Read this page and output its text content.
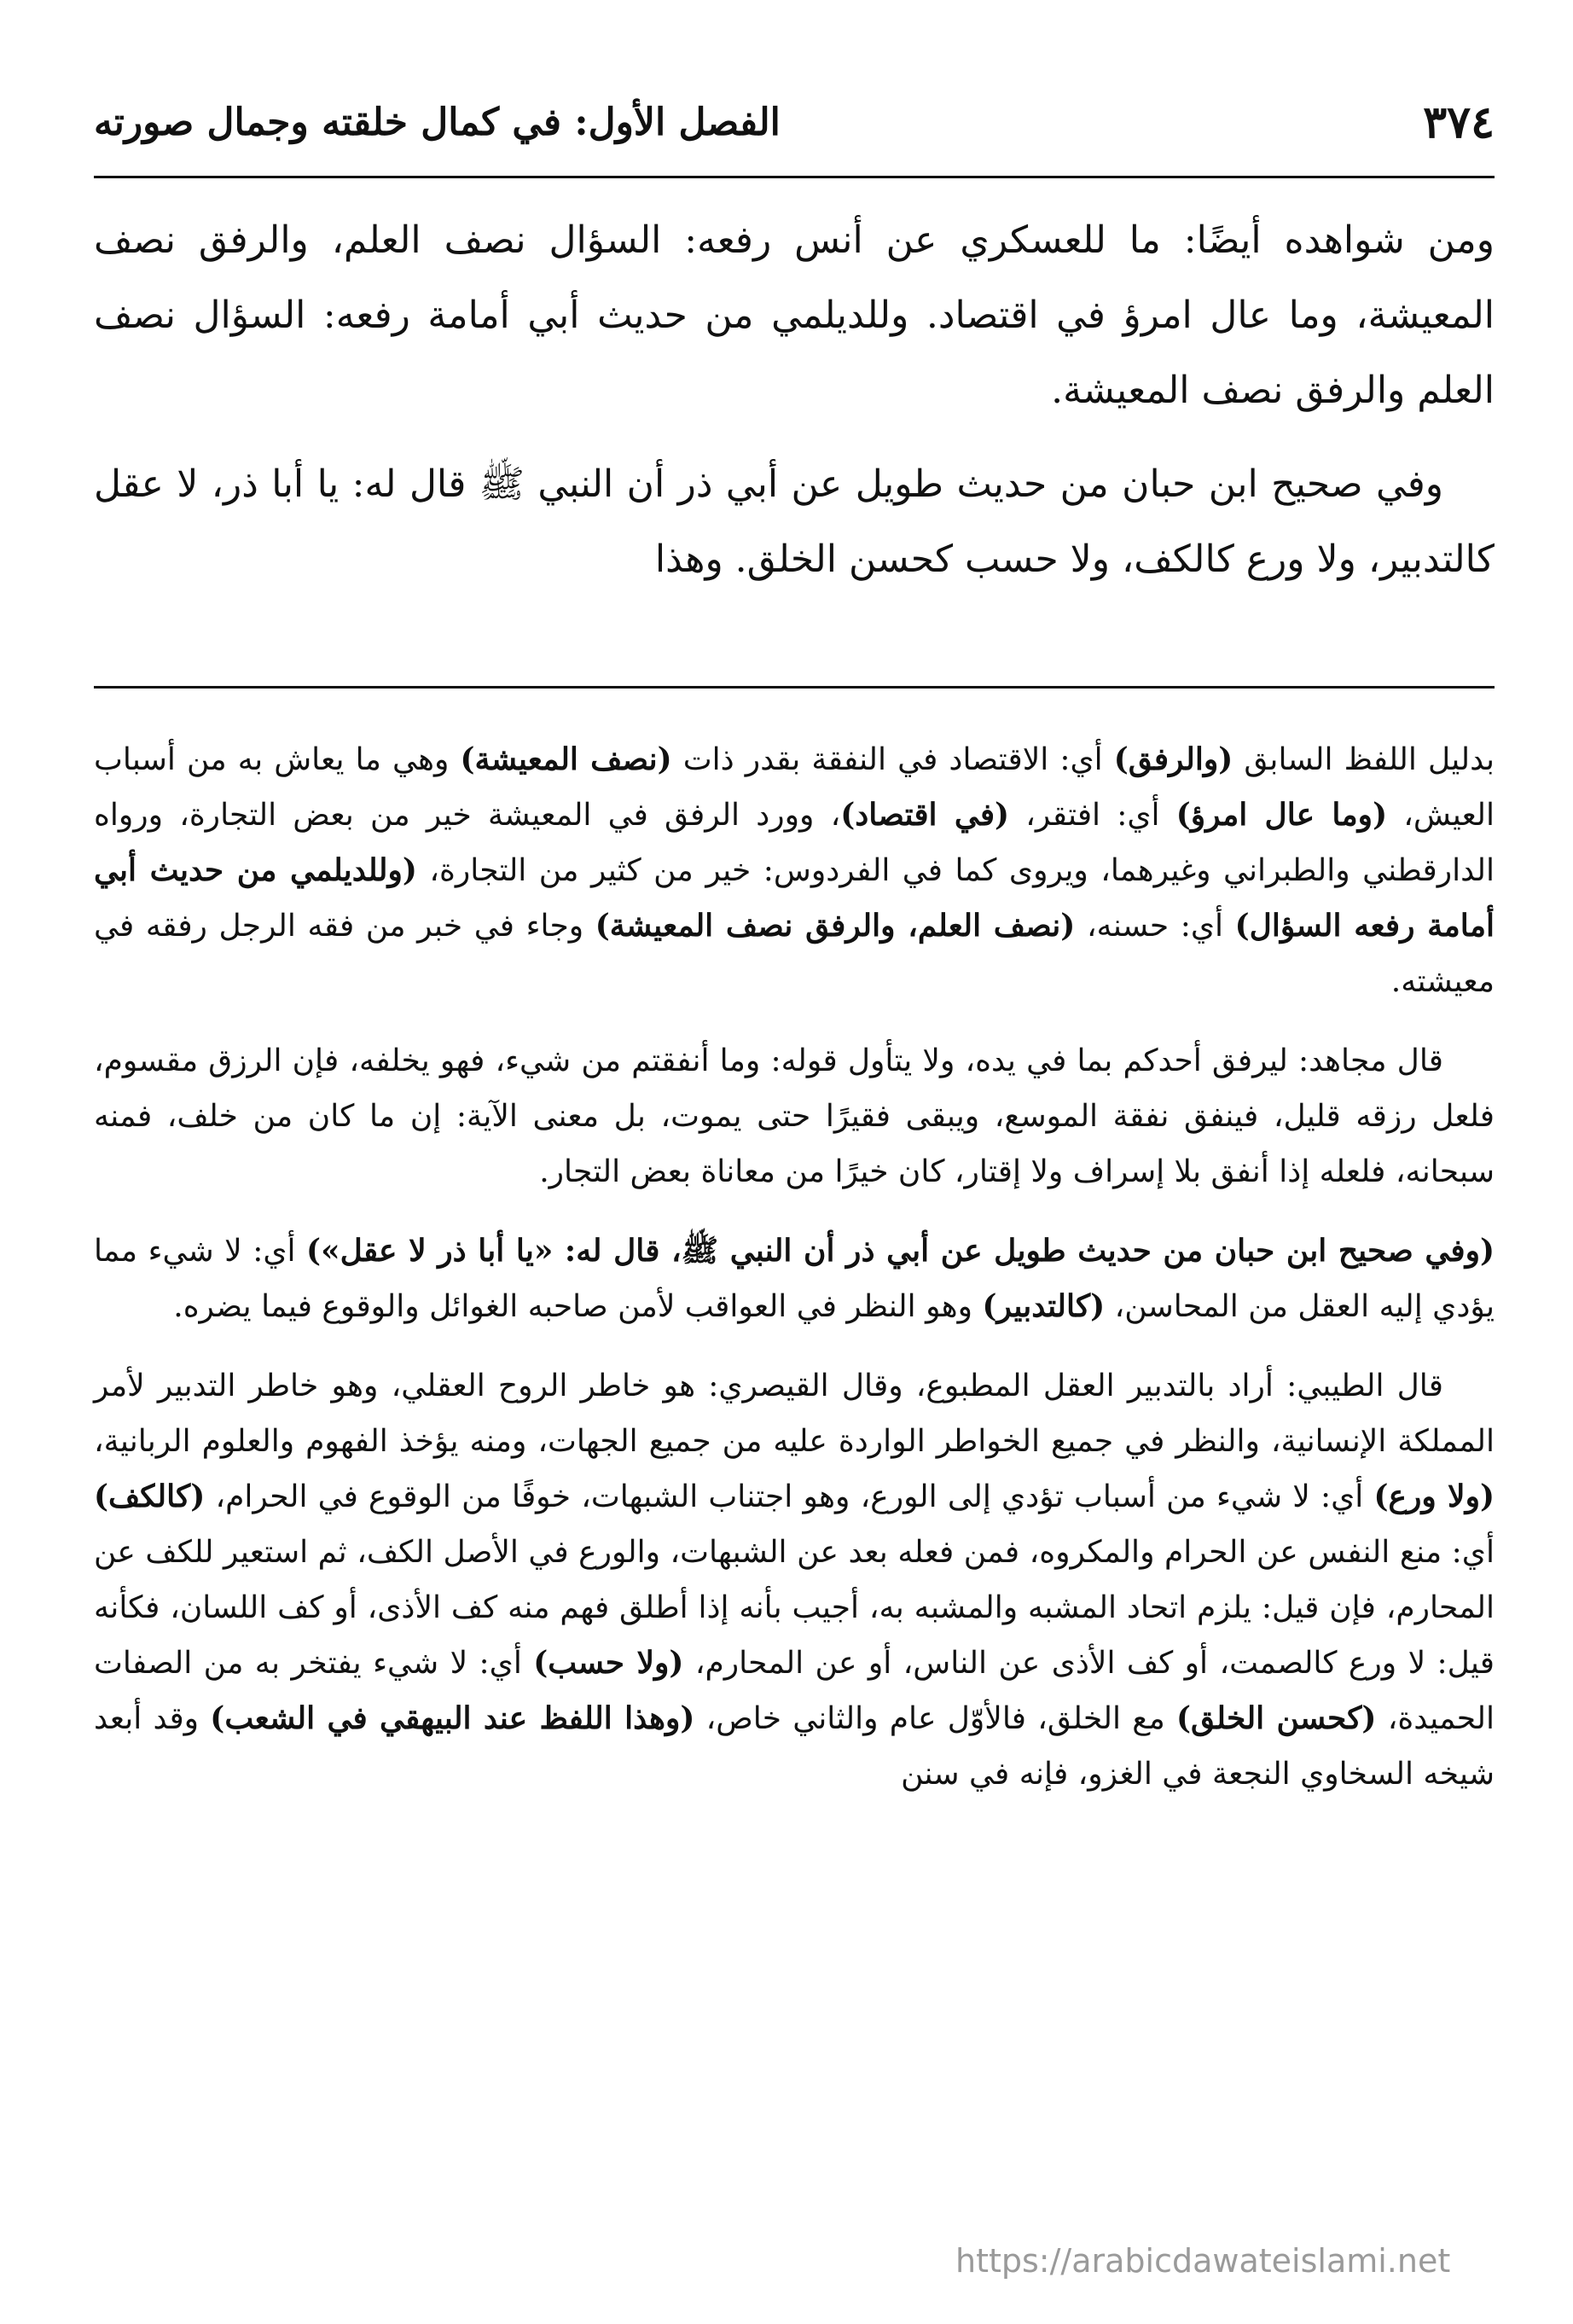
٣٧٤
الفصل الأول: في كمال خلقته وجمال صورته

ومن شواهده أيضًا: ما للعسكري عن أنس رفعه: السؤال نصف العلم، والرفق نصف المعيشة، وما عال امرؤ في اقتصاد. وللديلمي من حديث أبي أمامة رفعه: السؤال نصف العلم والرفق نصف المعيشة.

وفي صحيح ابن حبان من حديث طويل عن أبي ذر أن النبي ﷺ قال له: يا أبا ذر، لا عقل كالتدبير، ولا ورع كالكف، ولا حسب كحسن الخلق. وهذا

بدليل اللفظ السابق (والرفق) أي: الاقتصاد في النفقة بقدر ذات (نصف المعيشة) وهي ما يعاش به من أسباب العيش، (وما عال امرؤ) أي: افتقر، (في اقتصاد)، وورد الرفق في المعيشة خير من بعض التجارة، ورواه الدارقطني والطبراني وغيرهما، ويروى كما في الفردوس: خير من كثير من التجارة، (وللديلمي من حديث أبي أمامة رفعه السؤال) أي: حسنه، (نصف العلم، والرفق نصف المعيشة) وجاء في خبر من فقه الرجل رفقه في معيشته.

قال مجاهد: ليرفق أحدكم بما في يده، ولا يتأول قوله: وما أنفقتم من شيء، فهو يخلفه، فإن الرزق مقسوم، فلعل رزقه قليل، فينفق نفقة الموسع، ويبقى فقيرًا حتى يموت، بل معنى الآية: إن ما كان من خلف، فمنه سبحانه، فلعله إذا أنفق بلا إسراف ولا إقتار، كان خيرًا من معاناة بعض التجار.

(وفي صحيح ابن حبان من حديث طويل عن أبي ذر أن النبي ﷺ، قال له: «يا أبا ذر لا عقل») أي: لا شيء مما يؤدي إليه العقل من المحاسن، (كالتدبير) وهو النظر في العواقب لأمن صاحبه الغوائل والوقوع فيما يضره.

قال الطيبي: أراد بالتدبير العقل المطبوع، وقال القيصري: هو خاطر الروح العقلي، وهو خاطر التدبير لأمر المملكة الإنسانية، والنظر في جميع الخواطر الواردة عليه من جميع الجهات، ومنه يؤخذ الفهوم والعلوم الربانية، (ولا ورع) أي: لا شيء من أسباب تؤدي إلى الورع، وهو اجتناب الشبهات، خوفًا من الوقوع في الحرام، (كالكف) أي: منع النفس عن الحرام والمكروه، فمن فعله بعد عن الشبهات، والورع في الأصل الكف، ثم استعير للكف عن المحارم، فإن قيل: يلزم اتحاد المشبه والمشبه به، أجيب بأنه إذا أطلق فهم منه كف الأذى، أو كف اللسان، فكأنه قيل: لا ورع كالصمت، أو كف الأذى عن الناس، أو عن المحارم، (ولا حسب) أي: لا شيء يفتخر به من الصفات الحميدة، (كحسن الخلق) مع الخلق، فالأوّل عام والثاني خاص، (وهذا اللفظ عند البيهقي في الشعب) وقد أبعد شيخه السخاوي النجعة في الغزو، فإنه في سنن

https://arabicdawateislami.net
